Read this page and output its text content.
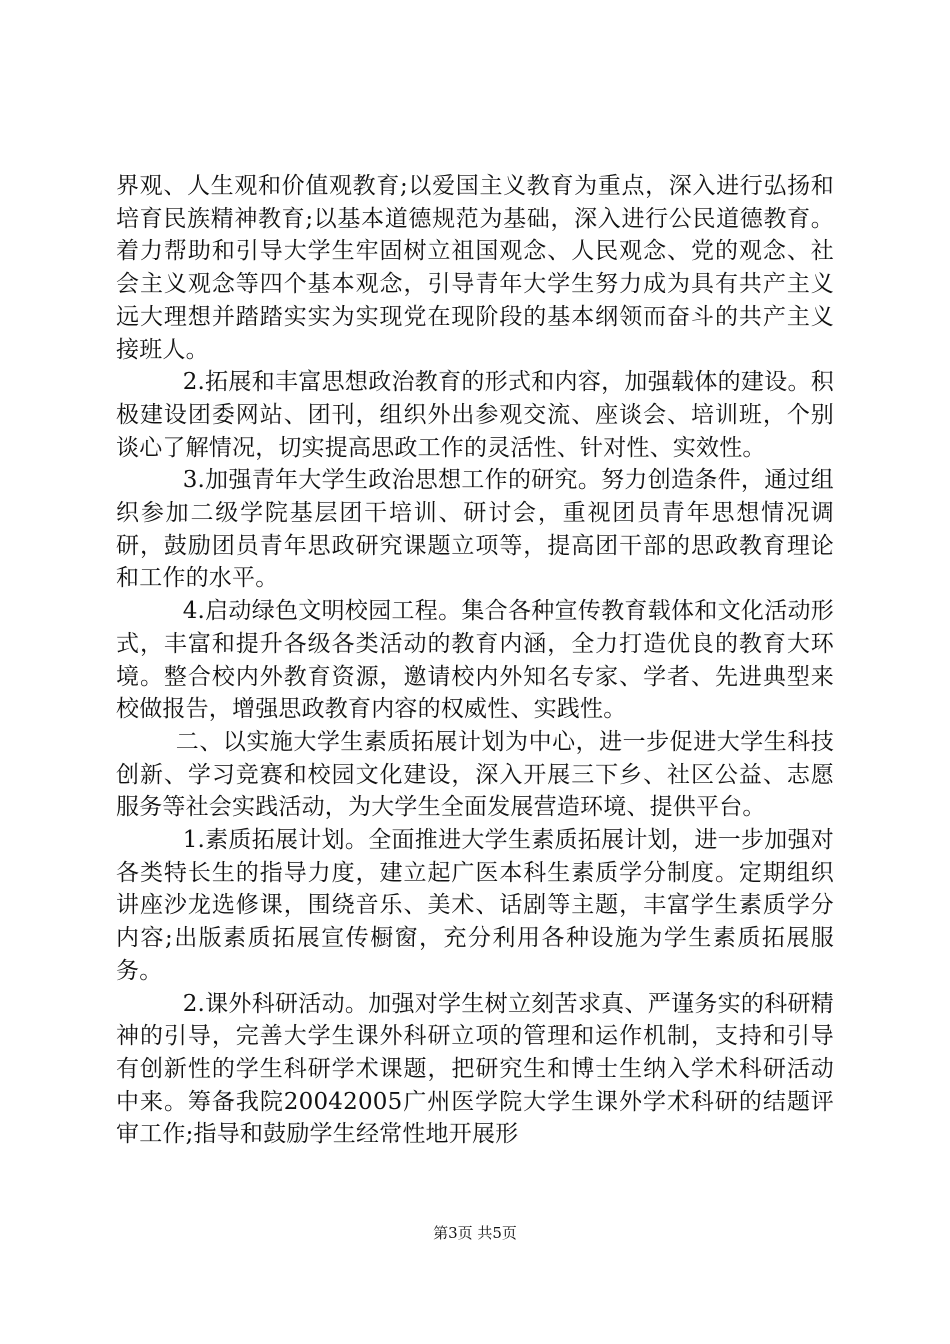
界观、人生观和价值观教育;以爱国主义教育为重点，深入进行弘扬和培育民族精神教育;以基本道德规范为基础，深入进行公民道德教育。着力帮助和引导大学生牢固树立祖国观念、人民观念、党的观念、社会主义观念等四个基本观念，引导青年大学生努力成为具有共产主义远大理想并踏踏实实为实现党在现阶段的基本纲领而奋斗的共产主义接班人。

2.拓展和丰富思想政治教育的形式和内容，加强载体的建设。积极建设团委网站、团刊，组织外出参观交流、座谈会、培训班，个别谈心了解情况，切实提高思政工作的灵活性、针对性、实效性。

3.加强青年大学生政治思想工作的研究。努力创造条件，通过组织参加二级学院基层团干培训、研讨会，重视团员青年思想情况调研，鼓励团员青年思政研究课题立项等，提高团干部的思政教育理论和工作的水平。

4.启动绿色文明校园工程。集合各种宣传教育载体和文化活动形式，丰富和提升各级各类活动的教育内涵，全力打造优良的教育大环境。整合校内外教育资源，邀请校内外知名专家、学者、先进典型来校做报告，增强思政教育内容的权威性、实践性。

二、以实施大学生素质拓展计划为中心，进一步促进大学生科技创新、学习竞赛和校园文化建设，深入开展三下乡、社区公益、志愿服务等社会实践活动，为大学生全面发展营造环境、提供平台。

1.素质拓展计划。全面推进大学生素质拓展计划，进一步加强对各类特长生的指导力度，建立起广医本科生素质学分制度。定期组织讲座沙龙选修课，围绕音乐、美术、话剧等主题，丰富学生素质学分内容;出版素质拓展宣传橱窗，充分利用各种设施为学生素质拓展服务。

2.课外科研活动。加强对学生树立刻苦求真、严谨务实的科研精神的引导，完善大学生课外科研立项的管理和运作机制，支持和引导有创新性的学生科研学术课题，把研究生和博士生纳入学术科研活动中来。筹备我院20042005广州医学院大学生课外学术科研的结题评审工作;指导和鼓励学生经常性地开展形

第3页 共5页
